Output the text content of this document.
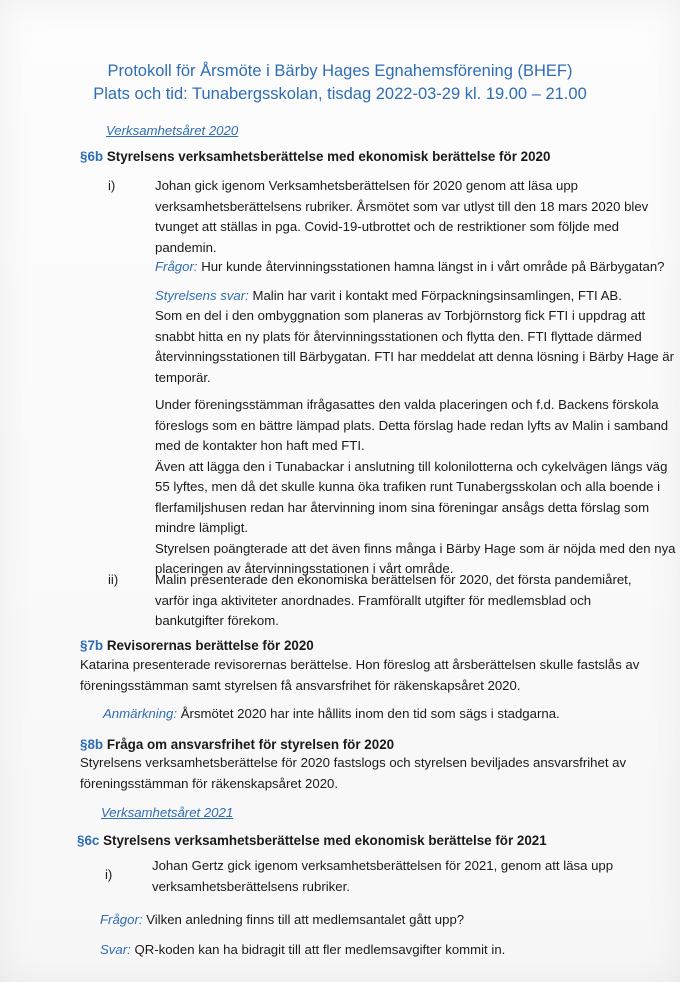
Protokoll för Årsmöte i Bärby Hages Egnahemsförening (BHEF)
Plats och tid: Tunabergsskolan, tisdag 2022-03-29 kl. 19.00 – 21.00
Verksamhetsåret 2020
§6b Styrelsens verksamhetsberättelse med ekonomisk berättelse för 2020
i)	Johan gick igenom Verksamhetsberättelsen för 2020 genom att läsa upp
verksamhetsberättelsens rubriker. Årsmötet som var utlyst till den 18 mars 2020 blev
tvunget att ställas in pga. Covid-19-utbrottet och de restriktioner som följde med
pandemin.
Frågor: Hur kunde återvinningsstationen hamna längst in i vårt område på Bärbygatan?
Styrelsens svar: Malin har varit i kontakt med Förpackningsinsamlingen, FTI AB.
Som en del i den ombyggnation som planeras av Torbjörnstorg fick FTI i uppdrag att
snabbt hitta en ny plats för återvinningsstationen och flytta den. FTI flyttade därmed
återvinningsstationen till Bärbygatan. FTI har meddelat att denna lösning i Bärby Hage är
temporär.
Under föreningsstämman ifrågasattes den valda placeringen och f.d. Backens förskola
föreslogs som en bättre lämpad plats. Detta förslag hade redan lyfts av Malin i samband
med de kontakter hon haft med FTI.
Även att lägga den i Tunabackar i anslutning till kolonilotterna och cykelvägen längs väg
55 lyftes, men då det skulle kunna öka trafiken runt Tunabergsskolan och alla boende i
flerfamiljshusen redan har återvinning inom sina föreningar ansågs detta förslag som
mindre lämpligt.
Styrelsen poängterade att det även finns många i Bärby Hage som är nöjda med den nya
placeringen av återvinningsstationen i vårt område.
ii)	Malin presenterade den ekonomiska berättelsen för 2020, det första pandemiåret,
varför inga aktiviteter anordnades. Framförallt utgifter för medlemsblad och
bankutgifter förekom.
§7b Revisorernas berättelse för 2020
Katarina presenterade revisorernas berättelse. Hon föreslog att årsberättelsen skulle fastslås av
föreningsstämman samt styrelsen få ansvarsfrihet för räkenskapsåret 2020.
Anmärkning: Årsmötet 2020 har inte hållits inom den tid som sägs i stadgarna.
§8b Fråga om ansvarsfrihet för styrelsen för 2020
Styrelsens verksamhetsberättelse för 2020 fastslogs och styrelsen beviljades ansvarsfrihet av
föreningsstämman för räkenskapsåret 2020.
Verksamhetsåret 2021
§6c Styrelsens verksamhetsberättelse med ekonomisk berättelse för 2021
i)
Johan Gertz gick igenom verksamhetsberättelsen för 2021, genom att läsa upp
verksamhetsberättelsens rubriker.
Frågor: Vilken anledning finns till att medlemsantalet gått upp?
Svar: QR-koden kan ha bidragit till att fler medlemsavgifter kommit in.
